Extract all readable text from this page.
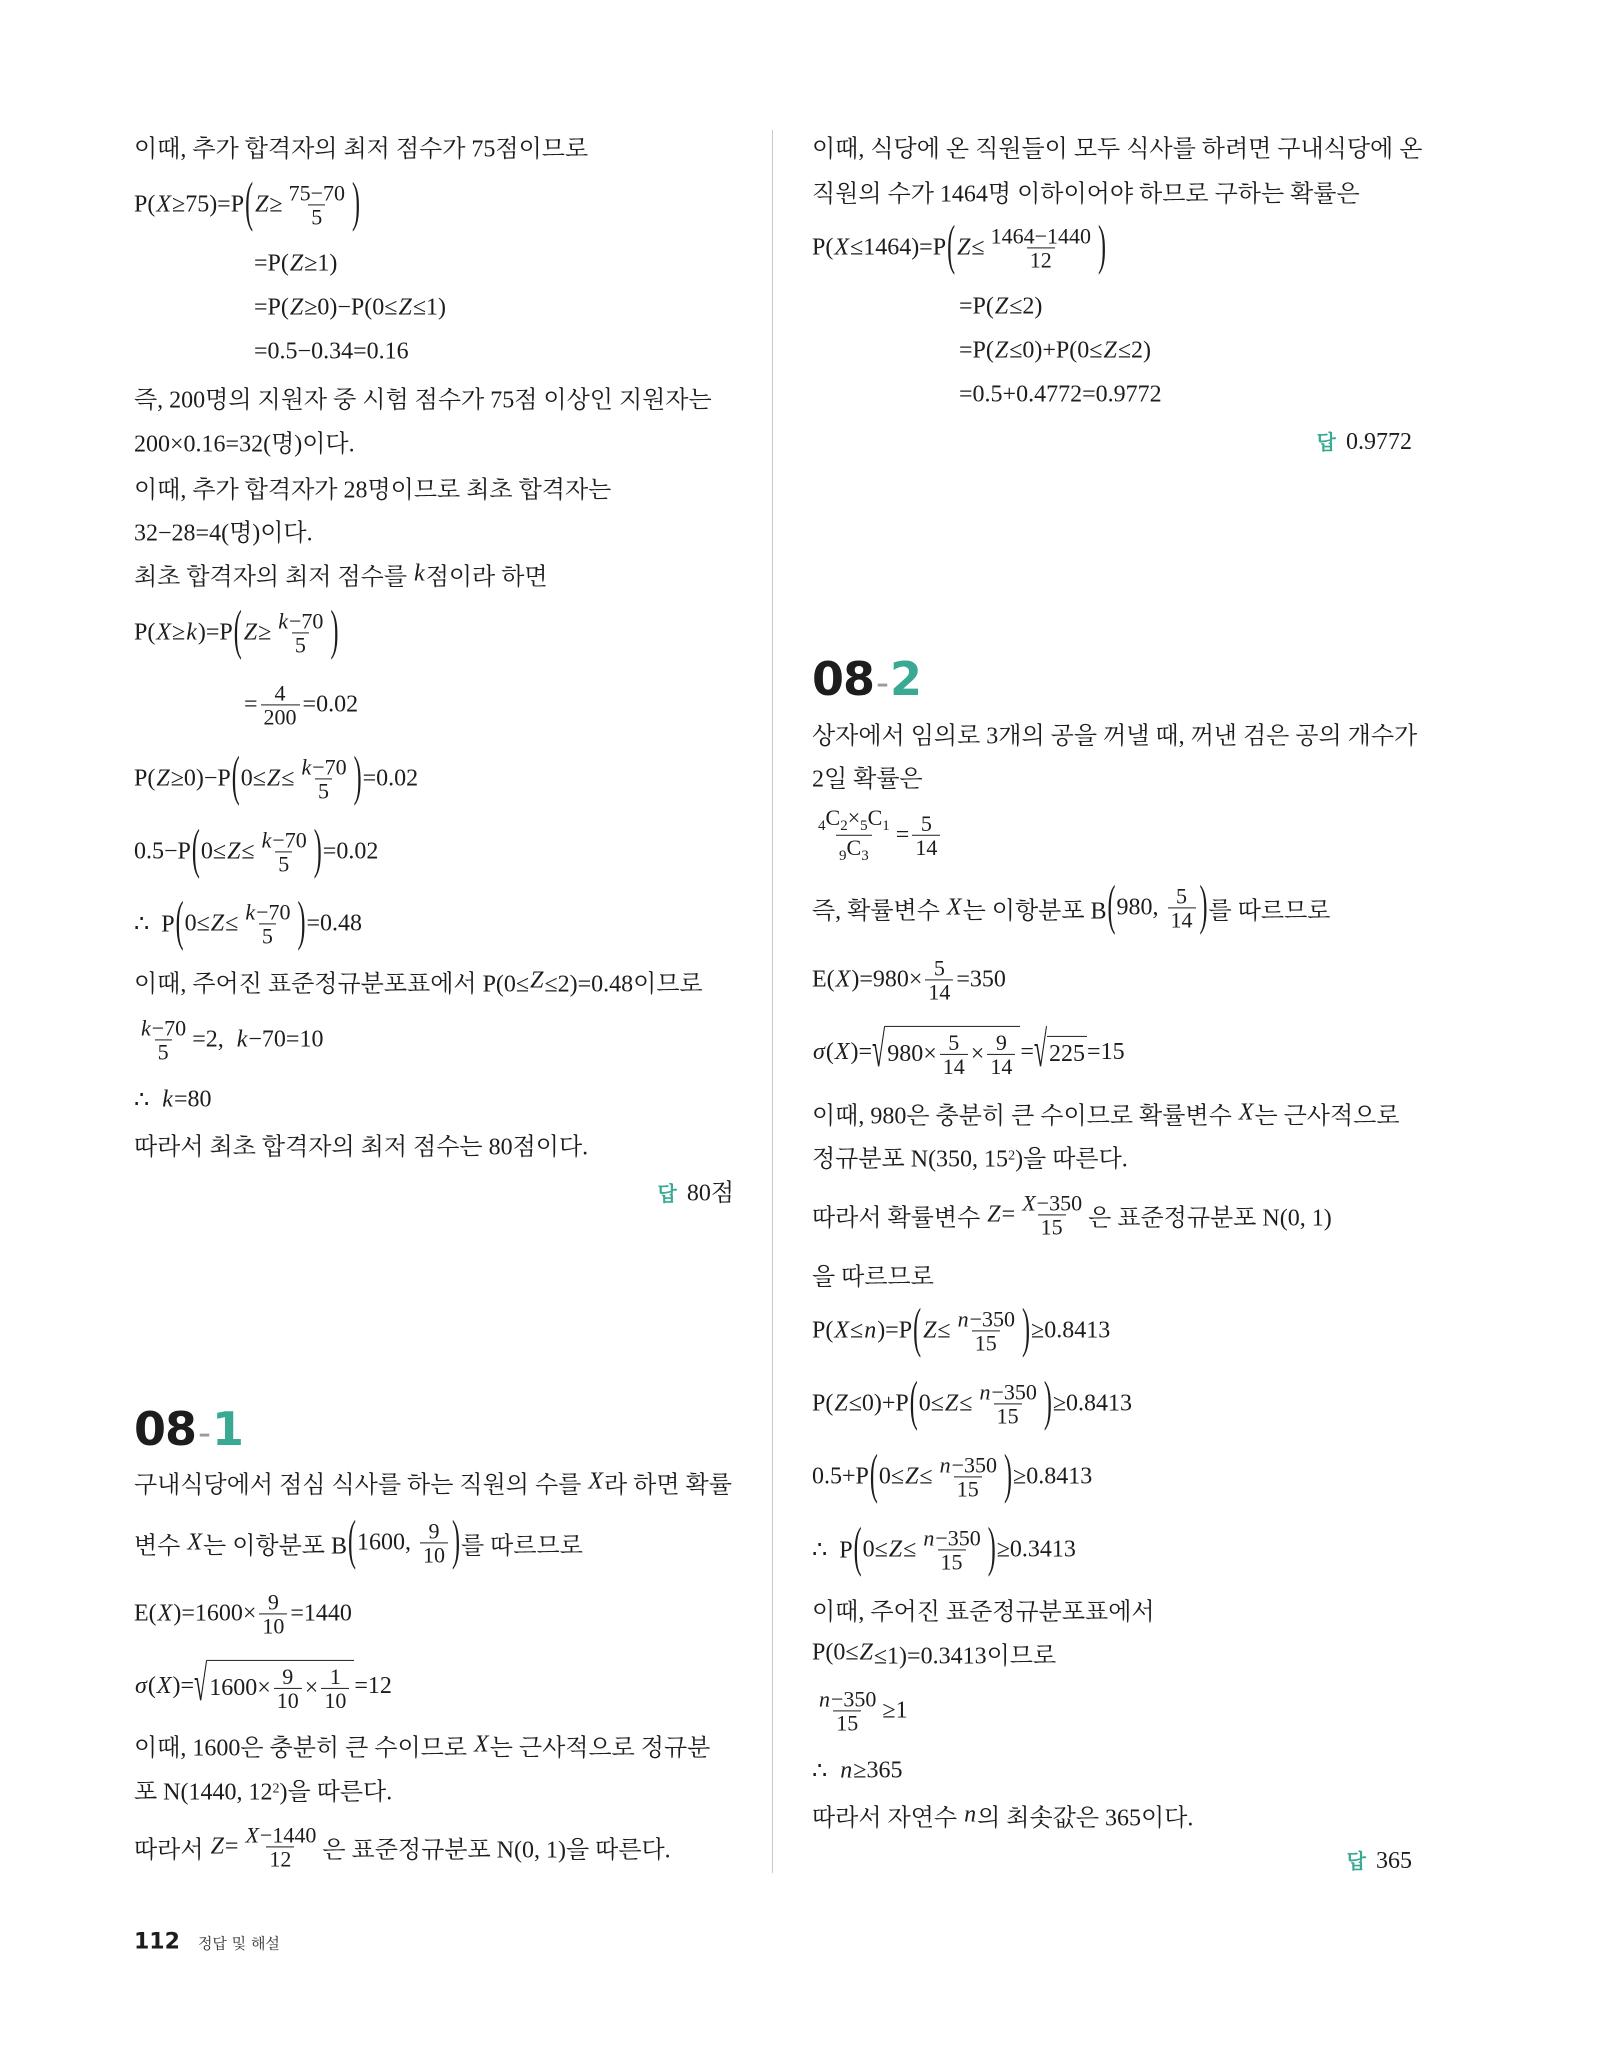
이때, 추가 합격자의 최저 점수가 75점이므로
P( X ≥75)=P ( $Z \ge \frac{75-70}{5}$ )
=P( Z ≥1)
=P( Z ≥0)−P(0≤ Z ≤1)
=0.5−0.34=0.16
즉, 200명의 지원자 중 시험 점수가 75점 이상인 지원자는
200×0.16=32(명)이다.
이때, 추가 합격자가 28명이므로 최초 합격자는
32−28=4(명)이다.
최초 합격자의 최저 점수를 k 점이라 하면
P( X ≥ k )=P ( $Z \ge \frac{k-70}{5}$ )
= $\frac{4}{200} =0.02$
P( Z ≥0)−P ( $0\le Z \le \frac{k-70}{5}$ ) =0.02
0.5−P ( $0\le Z \le \frac{k-70}{5}$ ) =0.02
∴  P ( $0\le Z \le \frac{k-70}{5}$ ) =0.48
이때, 주어진 표준정규분포표에서 P(0≤ Z ≤2)=0.48이므로
$\frac{k-70}{5} =2$, k −70=10
∴ k =80
따라서 최초 합격자의 최저 점수는 80점이다.
답 80점
08-1
구내식당에서 점심 식사를 하는 직원의 수를 X 라 하면 확률
변수 X 는 이항분포 B ( 1600, $\frac{9}{10}$ ) 를 따르므로
E( X )$=1600\times \frac{9}{10} =1440$
σ ( X )= √ $1600\times \frac{9}{10} \times \frac{1}{10} =12$
이때, 1600은 충분히 큰 수이므로 X 는 근사적으로 정규분
포 N(1440, 12 2 )을 따른다.
따라서 $Z = \frac{X-1440}{12}$ 은 표준정규분포 N(0, 1)을 따른다.
이때, 식당에 온 직원들이 모두 식사를 하려면 구내식당에 온
직원의 수가 1464명 이하이어야 하므로 구하는 확률은
P( X ≤1464)=P ( $Z \le \frac{1464-1440}{12}$ )
=P( Z ≤2)
=P( Z ≤0)+P(0≤ Z ≤2)
=0.5+0.4772=0.9772
답 0.9772
08-2
상자에서 임의로 3개의 공을 꺼낼 때, 꺼낸 검은 공의 개수가
2일 확률은
$\frac{_4C_2\times_5C_1}{_9C_3} = \frac{5}{14}$
즉, 확률변수 X 는 이항분포 B ( 980, $\frac{5}{14}$ ) 를 따르므로
E( X )$=980\times \frac{5}{14} =350$
σ ( X )= √ $980\times \frac{5}{14} \times \frac{9}{14}$ = √ 225 =15
이때, 980은 충분히 큰 수이므로 확률변수 X 는 근사적으로
정규분포 N(350, 15 2 )을 따른다.
따라서 확률변수 $Z = \frac{X-350}{15}$ 은 표준정규분포 N(0, 1)
을 따르므로
P( X ≤ n )=P ( $Z \le \frac{n-350}{15}$ ) ≥0.8413
P( Z ≤0)+P ( $0\le Z \le \frac{n-350}{15}$ ) ≥0.8413
0.5+P ( $0\le Z \le \frac{n-350}{15}$ ) ≥0.8413
∴  P ( $0\le Z \le \frac{n-350}{15}$ ) ≥0.3413
이때, 주어진 표준정규분포표에서
P(0≤ Z ≤1)=0.3413이므로
$\frac{n-350}{15} \ge 1$
∴ n ≥365
따라서 자연수 n 의 최솟값은 365이다.
답 365
112 정답 및 해설
